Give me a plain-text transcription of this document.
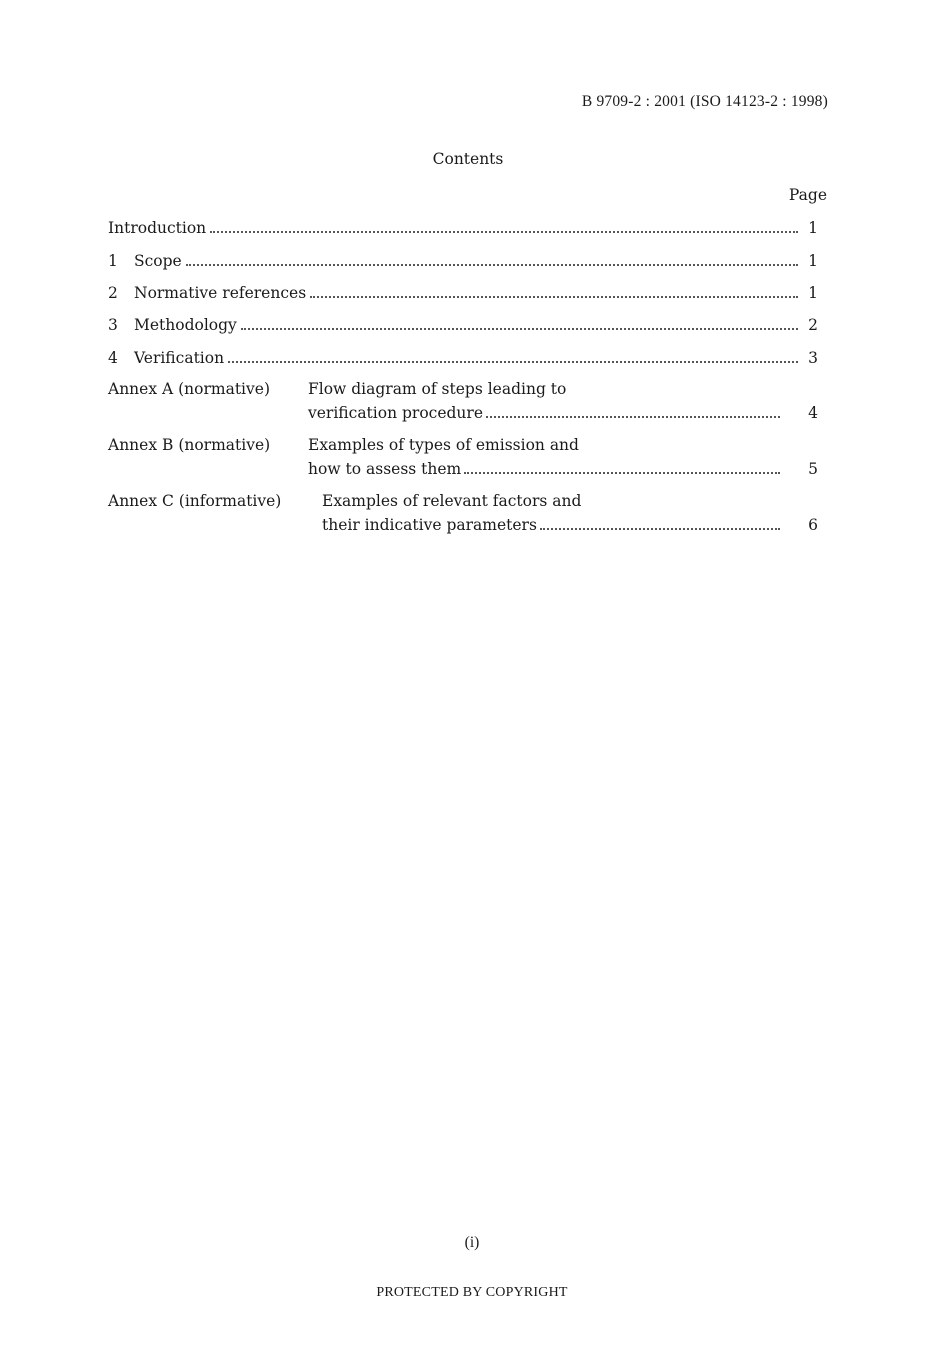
B 9709-2 : 2001 (ISO 14123-2 : 1998)
Contents
Page
Introduction	1
1	Scope	1
2	Normative references	1
3	Methodology	2
4	Verification	3
Annex A (normative)	Flow diagram of steps leading to
verification procedure	4
Annex B (normative)	Examples of types of emission and
how to assess them	5
Annex C (informative)	Examples of relevant factors and
their indicative parameters	6
(i)
PROTECTED BY COPYRIGHT
